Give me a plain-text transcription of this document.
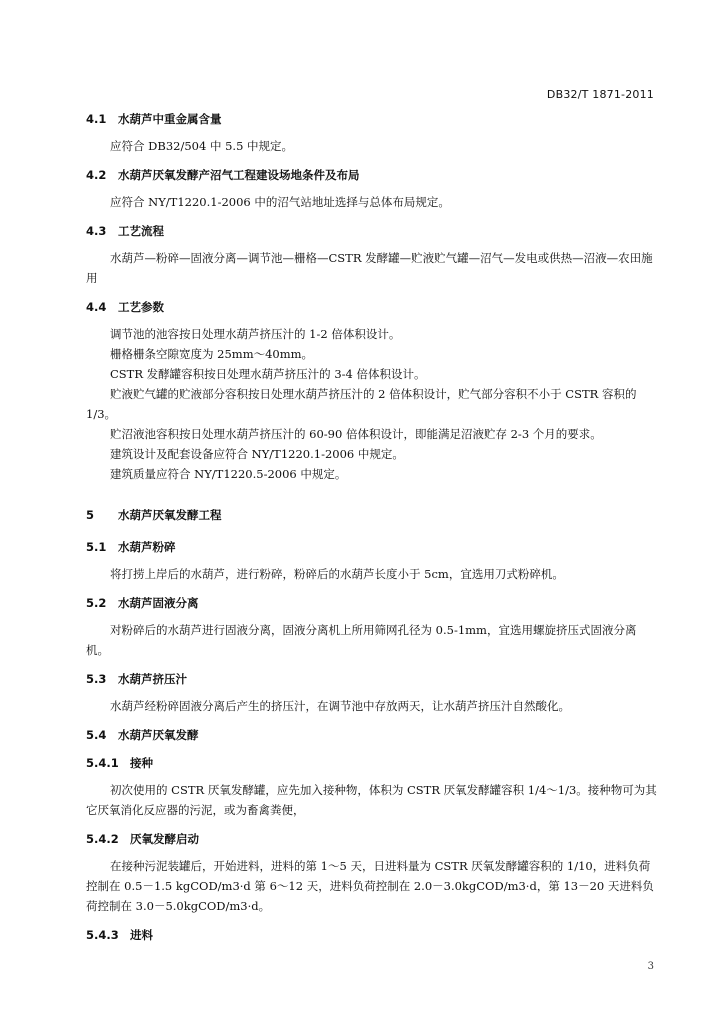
DB32/T 1871-2011
4.1 水葫芦中重金属含量
应符合 DB32/504 中 5.5 中规定。
4.2 水葫芦厌氧发酵产沼气工程建设场地条件及布局
应符合 NY/T1220.1-2006 中的沼气站地址选择与总体布局规定。
4.3 工艺流程
水葫芦—粉碎—固液分离—调节池—栅格—CSTR 发酵罐—贮液贮气罐—沼气—发电或供热—沼液—农田施用
4.4 工艺参数
调节池的池容按日处理水葫芦挤压汁的 1-2 倍体积设计。
栅格栅条空隙宽度为 25mm～40mm。
CSTR 发酵罐容积按日处理水葫芦挤压汁的 3-4 倍体积设计。
贮液贮气罐的贮液部分容积按日处理水葫芦挤压汁的 2 倍体积设计，贮气部分容积不小于 CSTR 容积的 1/3。
贮沼液池容积按日处理水葫芦挤压汁的 60-90 倍体积设计，即能满足沼液贮存 2-3 个月的要求。
建筑设计及配套设备应符合 NY/T1220.1-2006 中规定。
建筑质量应符合 NY/T1220.5-2006 中规定。
5 水葫芦厌氧发酵工程
5.1 水葫芦粉碎
将打捞上岸后的水葫芦，进行粉碎，粉碎后的水葫芦长度小于 5cm，宜选用刀式粉碎机。
5.2 水葫芦固液分离
对粉碎后的水葫芦进行固液分离，固液分离机上所用筛网孔径为 0.5-1mm，宜选用螺旋挤压式固液分离机。
5.3 水葫芦挤压汁
水葫芦经粉碎固液分离后产生的挤压汁，在调节池中存放两天，让水葫芦挤压汁自然酸化。
5.4 水葫芦厌氧发酵
5.4.1 接种
初次使用的 CSTR 厌氧发酵罐，应先加入接种物，体积为 CSTR 厌氧发酵罐容积 1/4～1/3。接种物可为其它厌氧消化反应器的污泥，或为畜禽粪便，
5.4.2 厌氧发酵启动
在接种污泥装罐后，开始进料，进料的第 1～5 天，日进料量为 CSTR 厌氧发酵罐容积的 1/10，进料负荷控制在 0.5－1.5 kgCOD/m3·d 第 6～12 天，进料负荷控制在 2.0－3.0kgCOD/m3·d，第 13－20 天进料负荷控制在 3.0－5.0kgCOD/m3·d。
5.4.3 进料
3
